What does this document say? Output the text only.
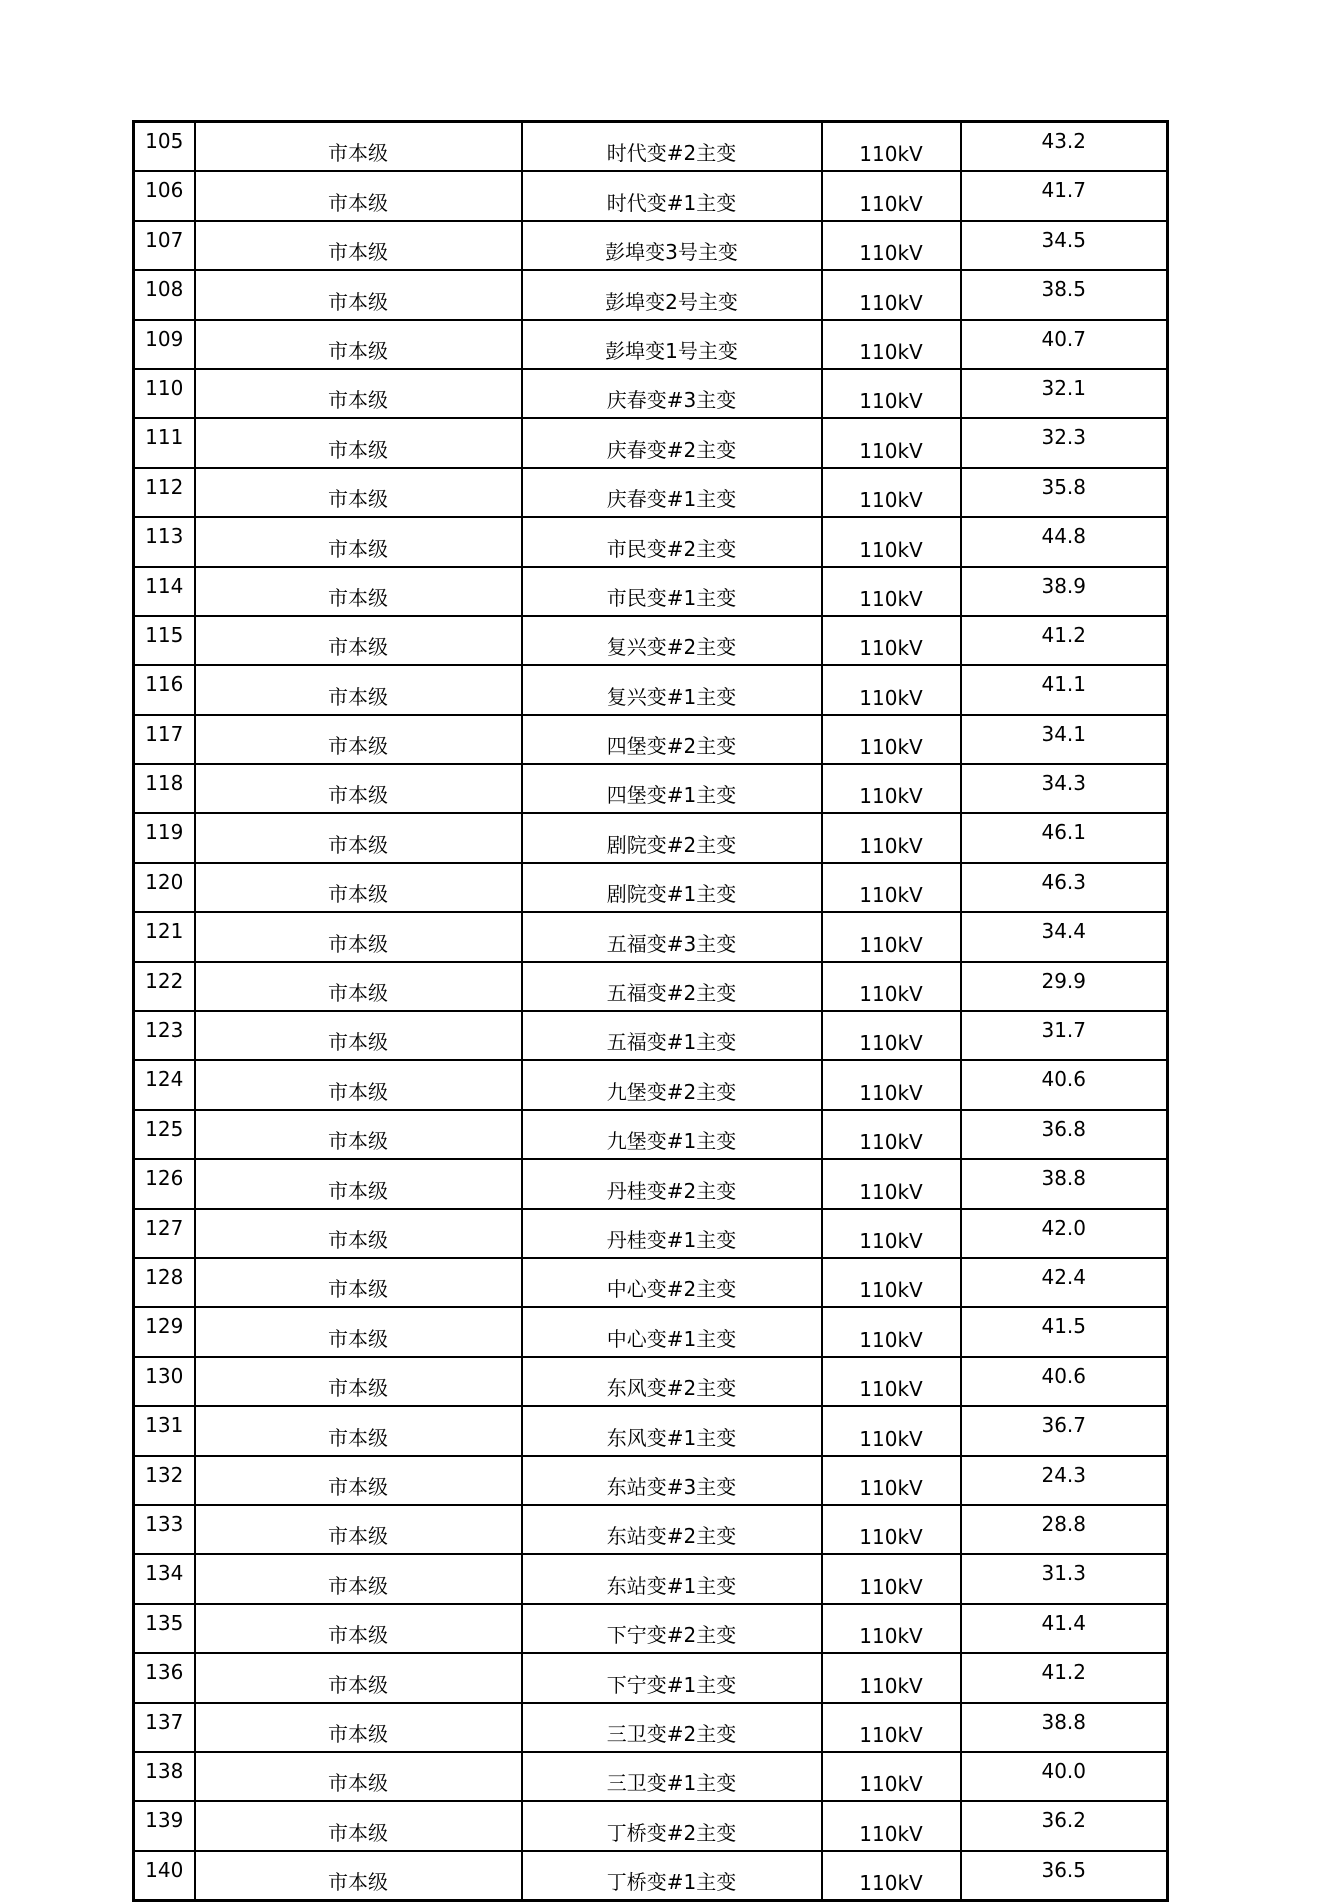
105	市本级	时代变#2主变	110kV	43.2
106	市本级	时代变#1主变	110kV	41.7
107	市本级	彭埠变3号主变	110kV	34.5
108	市本级	彭埠变2号主变	110kV	38.5
109	市本级	彭埠变1号主变	110kV	40.7
110	市本级	庆春变#3主变	110kV	32.1
111	市本级	庆春变#2主变	110kV	32.3
112	市本级	庆春变#1主变	110kV	35.8
113	市本级	市民变#2主变	110kV	44.8
114	市本级	市民变#1主变	110kV	38.9
115	市本级	复兴变#2主变	110kV	41.2
116	市本级	复兴变#1主变	110kV	41.1
117	市本级	四堡变#2主变	110kV	34.1
118	市本级	四堡变#1主变	110kV	34.3
119	市本级	剧院变#2主变	110kV	46.1
120	市本级	剧院变#1主变	110kV	46.3
121	市本级	五福变#3主变	110kV	34.4
122	市本级	五福变#2主变	110kV	29.9
123	市本级	五福变#1主变	110kV	31.7
124	市本级	九堡变#2主变	110kV	40.6
125	市本级	九堡变#1主变	110kV	36.8
126	市本级	丹桂变#2主变	110kV	38.8
127	市本级	丹桂变#1主变	110kV	42.0
128	市本级	中心变#2主变	110kV	42.4
129	市本级	中心变#1主变	110kV	41.5
130	市本级	东风变#2主变	110kV	40.6
131	市本级	东风变#1主变	110kV	36.7
132	市本级	东站变#3主变	110kV	24.3
133	市本级	东站变#2主变	110kV	28.8
134	市本级	东站变#1主变	110kV	31.3
135	市本级	下宁变#2主变	110kV	41.4
136	市本级	下宁变#1主变	110kV	41.2
137	市本级	三卫变#2主变	110kV	38.8
138	市本级	三卫变#1主变	110kV	40.0
139	市本级	丁桥变#2主变	110kV	36.2
140	市本级	丁桥变#1主变	110kV	36.5
